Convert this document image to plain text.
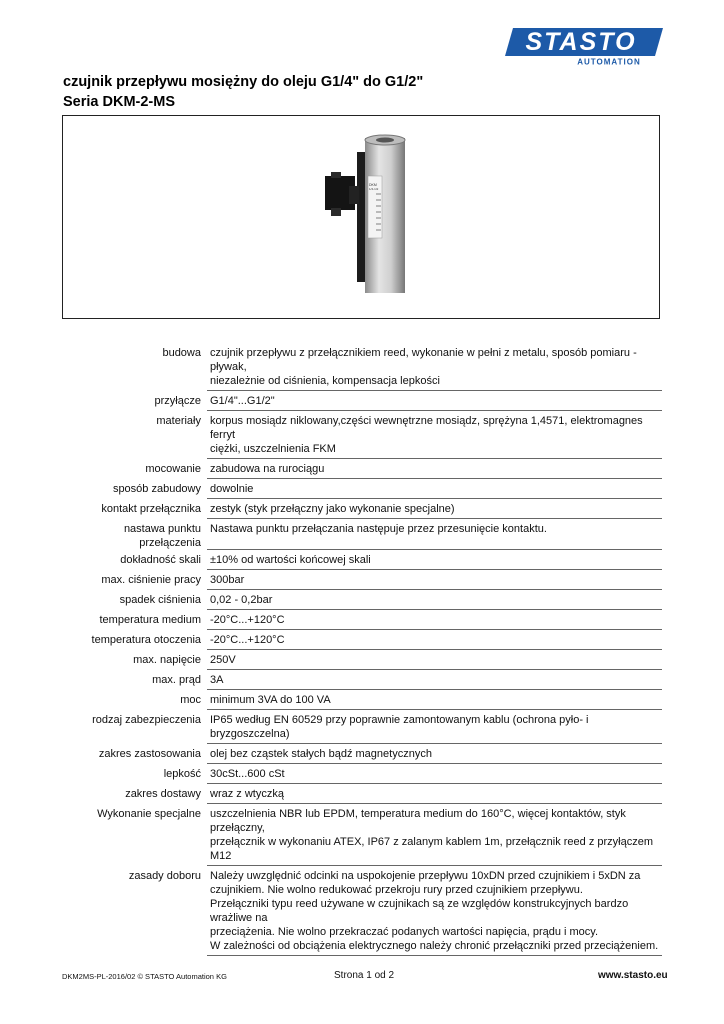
STASTO
AUTOMATION
czujnik przepływu mosiężny do oleju G1/4" do G1/2"
Seria DKM-2-MS
DKM
1/4-1/2
budowa czujnik przepływu z przełącznikiem reed, wykonanie w pełni z metalu, sposób pomiaru - pływak,
niezależnie od ciśnienia, kompensacja lepkości
przyłącze G1/4"...G1/2"
materiały korpus mosiądz niklowany,części wewnętrzne mosiądz, sprężyna 1,4571, elektromagnes ferryt
ciężki, uszczelnienia FKM
mocowanie zabudowa na rurociągu
sposób zabudowy dowolnie
kontakt przełącznika zestyk (styk przełączny jako wykonanie specjalne)
nastawa punktu przełączenia
Nastawa punktu przełączania następuje przez przesunięcie kontaktu.
dokładność skali ±10% od wartości końcowej skali
max. ciśnienie pracy 300bar
spadek ciśnienia 0,02 - 0,2bar
temperatura medium -20°C...+120°C
temperatura otoczenia -20°C...+120°C
max. napięcie 250V
max. prąd 3A
moc minimum 3VA do 100 VA
rodzaj zabezpieczenia IP65 według EN 60529 przy poprawnie zamontowanym kablu (ochrona pyło- i bryzgoszczelna)
zakres zastosowania olej bez cząstek stałych bądź magnetycznych
lepkość 30cSt...600 cSt
zakres dostawy wraz z wtyczką
Wykonanie specjalne uszczelnienia NBR lub EPDM, temperatura medium do 160°C, więcej kontaktów, styk przełączny,
przełącznik w wykonaniu ATEX, IP67 z zalanym kablem 1m, przełącznik reed z przyłączem M12
zasady doboru Należy uwzględnić odcinki na uspokojenie przepływu 10xDN przed czujnikiem i 5xDN za
czujnikiem. Nie wolno redukować przekroju rury przed czujnikiem przepływu.
Przełączniki typu reed używane w czujnikach są ze względów konstrukcyjnych bardzo wrażliwe na
przeciążenia. Nie wolno przekraczać podanych wartości napięcia, prądu i mocy.
W zależności od obciążenia elektrycznego należy chronić przełączniki przed przeciążeniem.
DKM2MS-PL-2016/02 © STASTO Automation KG	Strona 1 od 2	www.stasto.eu
